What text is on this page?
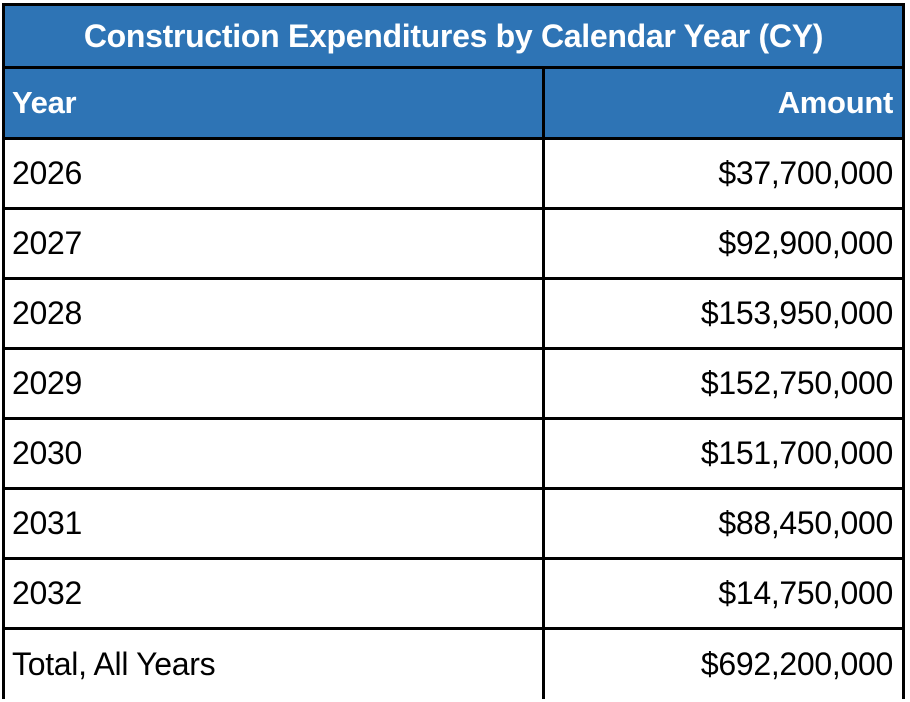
Construction Expenditures by Calendar Year (CY)
Year	Amount
2026	$37,700,000
2027	$92,900,000
2028	$153,950,000
2029	$152,750,000
2030	$151,700,000
2031	$88,450,000
2032	$14,750,000
Total, All Years	$692,200,000
